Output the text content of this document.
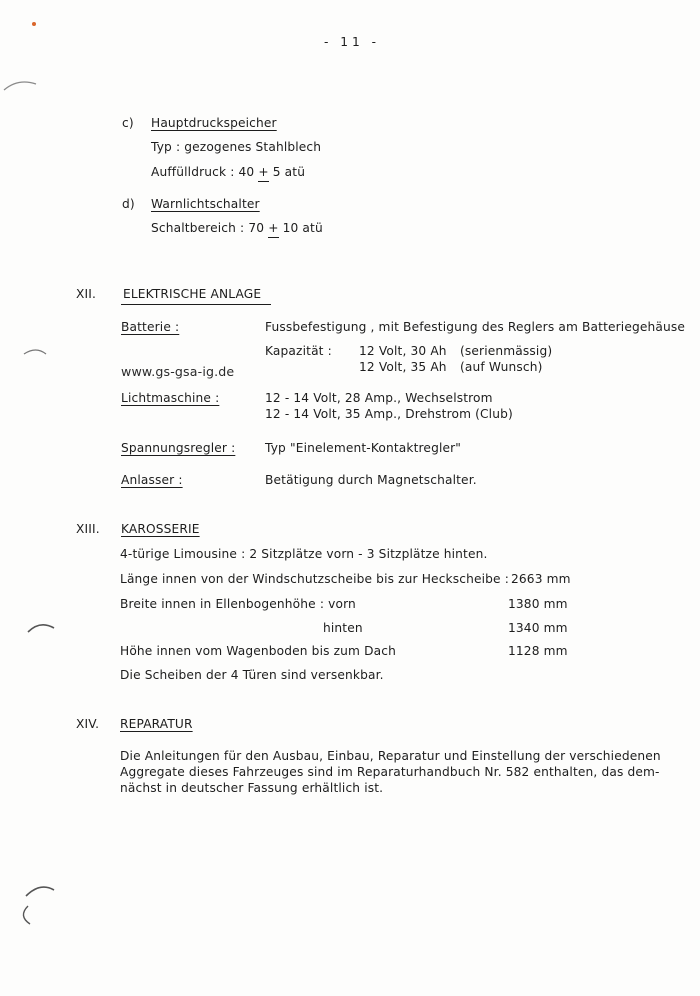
- 11 -
c) Hauptdruckspeicher
Typ : gezogenes Stahlblech
Auffülldruck : 40 + 5 atü
d) Warnlichtschalter
Schaltbereich : 70 + 10 atü
XII. ELEKTRISCHE ANLAGE
Batterie :	Fussbefestigung , mit Befestigung des Reglers am Batteriegehäuse
Kapazität : 12 Volt, 30 Ah (serienmässig)
12 Volt, 35 Ah (auf Wunsch)
www.gs-gsa-ig.de
Lichtmaschine :	12 - 14 Volt, 28 Amp., Wechselstrom
12 - 14 Volt, 35 Amp., Drehstrom (Club)
Spannungsregler : Typ "Einelement-Kontaktregler"
Anlasser :	Betätigung durch Magnetschalter.
XIII. KAROSSERIE
4-türige Limousine : 2 Sitzplätze vorn - 3 Sitzplätze hinten.
Länge innen von der Windschutzscheibe bis zur Heckscheibe : 2663 mm
Breite innen in Ellenbogenhöhe : vorn	1380 mm
hinten	1340 mm
Höhe innen vom Wagenboden bis zum Dach	1128 mm
Die Scheiben der 4 Türen sind versenkbar.
XIV. REPARATUR
Die Anleitungen für den Ausbau, Einbau, Reparatur und Einstellung der verschiedenen
Aggregate dieses Fahrzeuges sind im Reparaturhandbuch Nr. 582 enthalten, das dem-
nächst in deutscher Fassung erhältlich ist.
